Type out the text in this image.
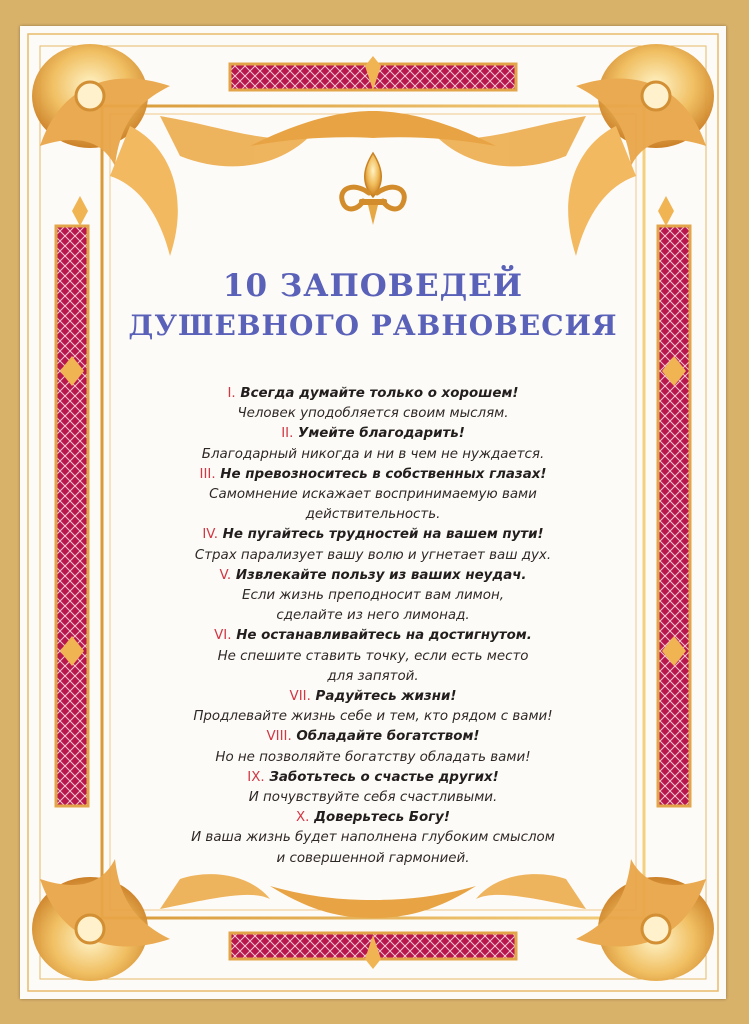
10 ЗАПОВЕДЕЙ
ДУШЕВНОГО РАВНОВЕСИЯ
I. Всегда думайте только о хорошем!
Человек уподобляется своим мыслям.
II. Умейте благодарить!
Благодарный никогда и ни в чем не нуждается.
III. Не превозноситесь в собственных глазах!
Самомнение искажает воспринимаемую вами
действительность.
IV. Не пугайтесь трудностей на вашем пути!
Страх парализует вашу волю и угнетает ваш дух.
V. Извлекайте пользу из ваших неудач.
Если жизнь преподносит вам лимон,
сделайте из него лимонад.
VI. Не останавливайтесь на достигнутом.
Не спешите ставить точку, если есть место
для запятой.
VII. Радуйтесь жизни!
Продлевайте жизнь себе и тем, кто рядом с вами!
VIII. Обладайте богатством!
Но не позволяйте богатству обладать вами!
IX. Заботьтесь о счастье других!
И почувствуйте себя счастливыми.
X. Доверьтесь Богу!
И ваша жизнь будет наполнена глубоким смыслом
и совершенной гармонией.
